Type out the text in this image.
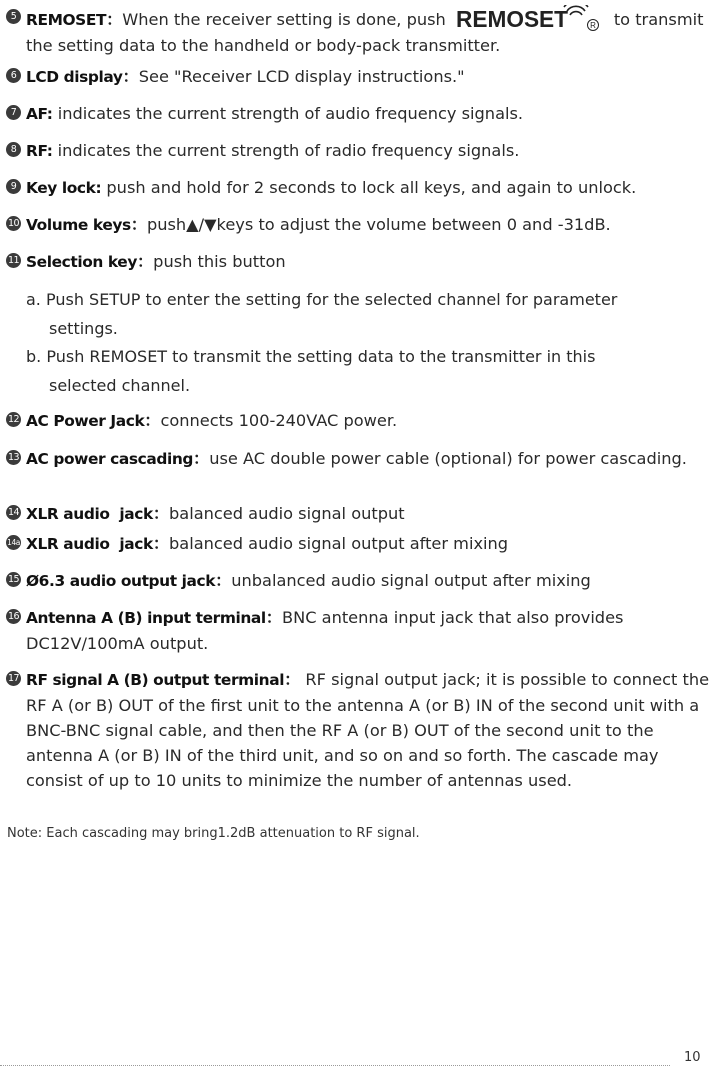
5 REMOSET：When the receiver setting is done, push REMOSET	R to transmit the setting data to the handheld or body-pack transmitter.
6 LCD display：See "Receiver LCD display instructions."
7 AF: indicates the current strength of audio frequency signals.
8 RF: indicates the current strength of radio frequency signals.
9 Key lock: push and hold for 2 seconds to lock all keys, and again to unlock.
10 Volume keys：push▲/▼keys to adjust the volume between 0 and -31dB.
11 Selection key：push this button
a. Push SETUP to enter the setting for the selected channel for parameter
settings.
b. Push REMOSET to transmit the setting data to the transmitter in this
selected channel.
12 AC Power Jack：connects 100-240VAC power.
13 AC power cascading：use AC double power cable (optional) for power cascading.
14 XLR audio  jack：balanced audio signal output
14a XLR audio  jack：balanced audio signal output after mixing
15 Ø6.3 audio output jack：unbalanced audio signal output after mixing
16 Antenna A (B) input terminal：BNC antenna input jack that also provides DC12V/100mA output.
17 RF signal A (B) output terminal： RF signal output jack; it is possible to connect the RF A (or B) OUT of the first unit to the antenna A (or B) IN of the second unit with a BNC-BNC signal cable, and then the RF A (or B) OUT of the second unit to the antenna A (or B) IN of the third unit, and so on and so forth. The cascade may consist of up to 10 units to minimize the number of antennas used.
Note: Each cascading may bring1.2dB attenuation to RF signal.
10
